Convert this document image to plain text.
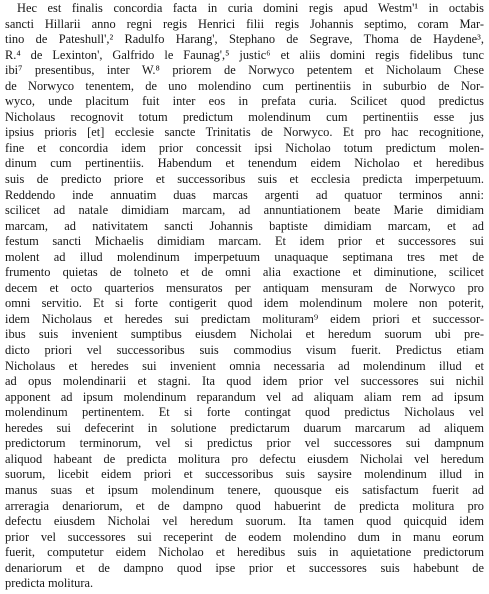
Hec est finalis concordia facta in curia domini regis apud Westm'¹ in octabis
sancti Hillarii anno regni regis Henrici filii regis Johannis septimo, coram Mar-
tino de Pateshull',² Radulfo Harang', Stephano de Segrave, Thoma de Haydene³,
R.⁴ de Lexinton', Galfrido le Faunag',⁵ justic⁶ et aliis domini regis fidelibus tunc
ibi⁷ presentibus, inter W.⁸ priorem de Norwyco petentem et Nicholaum Chese
de Norwyco tenentem, de uno molendino cum pertinentiis in suburbio de Nor-
wyco, unde placitum fuit inter eos in prefata curia. Scilicet quod predictus
Nicholaus recognovit totum predictum molendinum cum pertinentiis esse jus
ipsius prioris [et] ecclesie sancte Trinitatis de Norwyco. Et pro hac recognitione,
fine et concordia idem prior concessit ipsi Nicholao totum predictum molen-
dinum cum pertinentiis. Habendum et tenendum eidem Nicholao et heredibus
suis de predicto priore et successoribus suis et ecclesia predicta imperpetuum.
Reddendo inde annuatim duas marcas argenti ad quatuor terminos anni:
scilicet ad natale dimidiam marcam, ad annuntiationem beate Marie dimidiam
marcam, ad nativitatem sancti Johannis baptiste dimidiam marcam, et ad
festum sancti Michaelis dimidiam marcam. Et idem prior et successores sui
molent ad illud molendinum imperpetuum unaquaque septimana tres met de
frumento quietas de tolneto et de omni alia exactione et diminutione, scilicet
decem et octo quarterios mensuratos per antiquam mensuram de Norwyco pro
omni servitio. Et si forte contigerit quod idem molendinum molere non poterit,
idem Nicholaus et heredes sui predictam molituram⁹ eidem priori et successor-
ibus suis invenient sumptibus eiusdem Nicholai et heredum suorum ubi pre-
dicto priori vel successoribus suis commodius visum fuerit. Predictus etiam
Nicholaus et heredes sui invenient omnia necessaria ad molendinum illud et
ad opus molendinarii et stagni. Ita quod idem prior vel successores sui nichil
apponent ad ipsum molendinum reparandum vel ad aliquam aliam rem ad ipsum
molendinum pertinentem. Et si forte contingat quod predictus Nicholaus vel
heredes sui defecerint in solutione predictarum duarum marcarum ad aliquem
predictorum terminorum, vel si predictus prior vel successores sui dampnum
aliquod habeant de predicta molitura pro defectu eiusdem Nicholai vel heredum
suorum, licebit eidem priori et successoribus suis saysire molendinum illud in
manus suas et ipsum molendinum tenere, quousque eis satisfactum fuerit ad
arreragia denariorum, et de dampno quod habuerint de predicta molitura pro
defectu eiusdem Nicholai vel heredum suorum. Ita tamen quod quicquid idem
prior vel successores sui receperint de eodem molendino dum in manu eorum
fuerit, computetur eidem Nicholao et heredibus suis in aquietatione predictorum
denariorum et de dampno quod ipse prior et successores suis habebunt de
predicta molitura.
